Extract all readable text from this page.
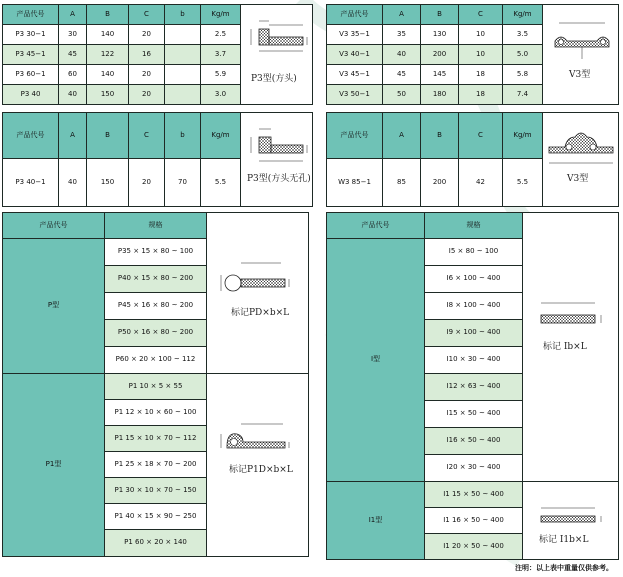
产品代号	A	B	C	b	Kg/m	P3型(方头)

P3 30−1	30	140	20		2.5	
P3 45−1	45	122	16		3.7	
P3 60−1	60	140	20		5.9	
P3 40	40	150	20		3.0	
产品代号	A	B	C	Kg/m	V3型

V3 35−1	35	130	10	3.5	
V3 40−1	40	200	10	5.0	
V3 45−1	45	145	18	5.8	
V3 50−1	50	180	18	7.4	
产品代号	A	B	C	b	Kg/m	P3型(方头无孔)

P3 40−1	40	150	20	70	5.5	
产品代号	A	B	C	Kg/m	V3型

W3 85−1	85	200	42	5.5	
产品代号	规格	标记PD×b×L

P型	P35 × 15 × 80 ~ 100	
	P40 × 15 × 80 ~ 200	
	P45 × 16 × 80 ~ 200	
	P50 × 16 × 80 ~ 200	
	P60 × 20 × 100 ~ 112	
P1型	P1 10 × 5 × 55	标记P1D×b×L

	P1 12 × 10 × 60 ~ 100	
	P1 15 × 10 × 70 ~ 112	
	P1 25 × 18 × 70 ~ 200	
	P1 30 × 10 × 70 ~ 150	
	P1 40 × 15 × 90 ~ 250	
	P1 60 × 20 × 140	
产品代号	规格	标记 Ib×L

I型	I5 × 80 ~ 100	
	I6 × 100 ~ 400	
	I8 × 100 ~ 400	
	I9 × 100 ~ 400	
	I10 × 30 ~ 400	
	I12 × 63 ~ 400	
	I15 × 50 ~ 400	
	I16 × 50 ~ 400	
	I20 × 30 ~ 400	
I1型	I1 15 × 50 ~ 400	标记 I1b×L

	I1 16 × 50 ~ 400	
	I1 20 × 50 ~ 400	
注明：以上表中重量仅供参考。
